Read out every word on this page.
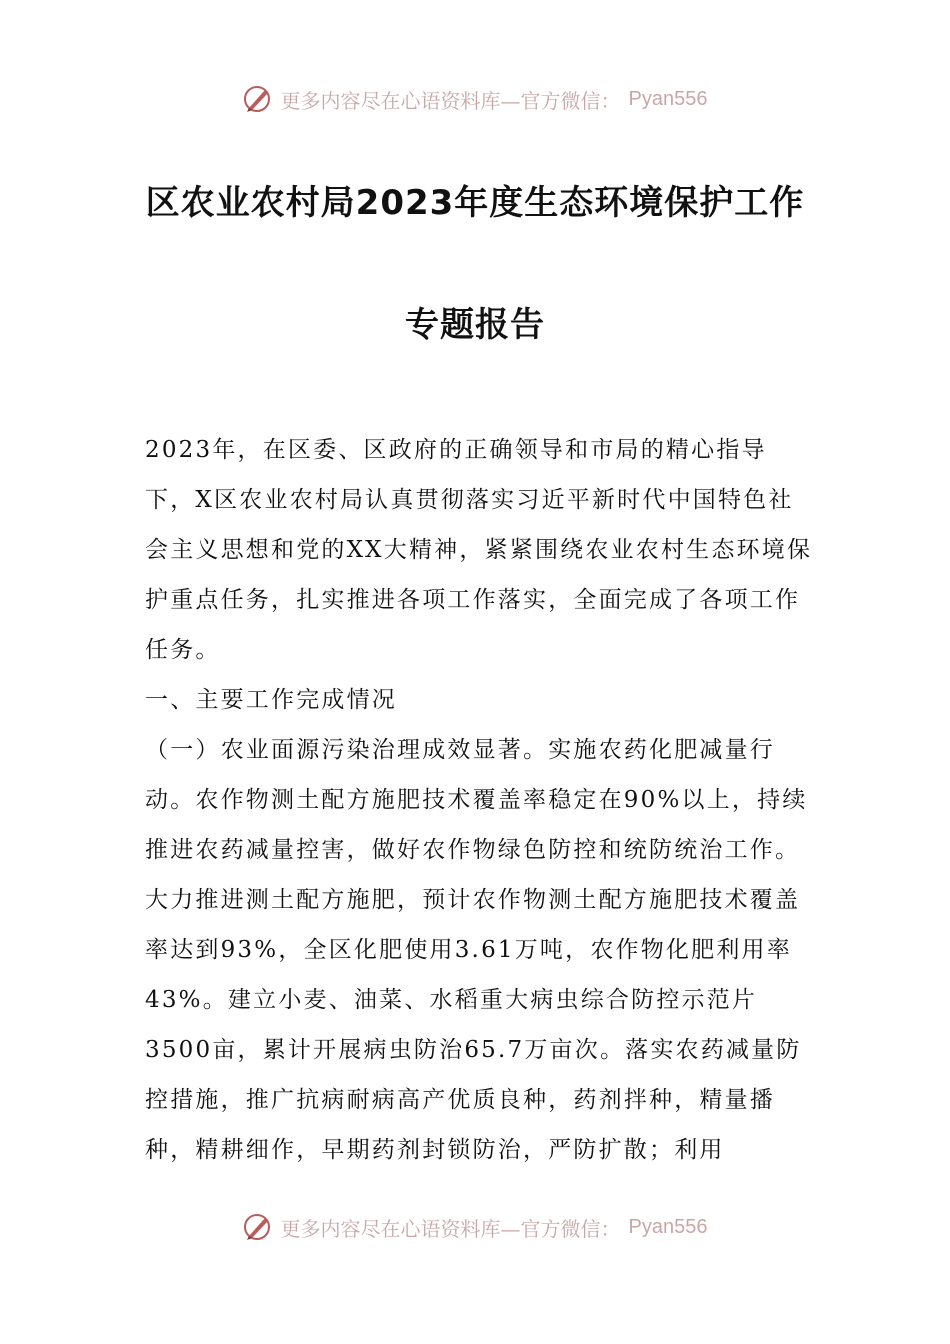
更多内容尽在心语资料库—官方微信： Pyan556
区农业农村局2023年度生态环境保护工作
专题报告

2023年，在区委、区政府的正确领导和市局的精心指导下，X区农业农村局认真贯彻落实习近平新时代中国特色社会主义思想和党的XX大精神，紧紧围绕农业农村生态环境保护重点任务，扎实推进各项工作落实，全面完成了各项工作任务。

一、主要工作完成情况

（一）农业面源污染治理成效显著。实施农药化肥减量行动。农作物测土配方施肥技术覆盖率稳定在90%以上，持续推进农药减量控害，做好农作物绿色防控和统防统治工作。大力推进测土配方施肥，预计农作物测土配方施肥技术覆盖率达到93%，全区化肥使用3.61万吨，农作物化肥利用率43%。建立小麦、油菜、水稻重大病虫综合防控示范片3500亩，累计开展病虫防治65.7万亩次。落实农药减量防控措施，推广抗病耐病高产优质良种，药剂拌种，精量播种，精耕细作，早期药剂封锁防治，严防扩散；利用

更多内容尽在心语资料库—官方微信： Pyan556
